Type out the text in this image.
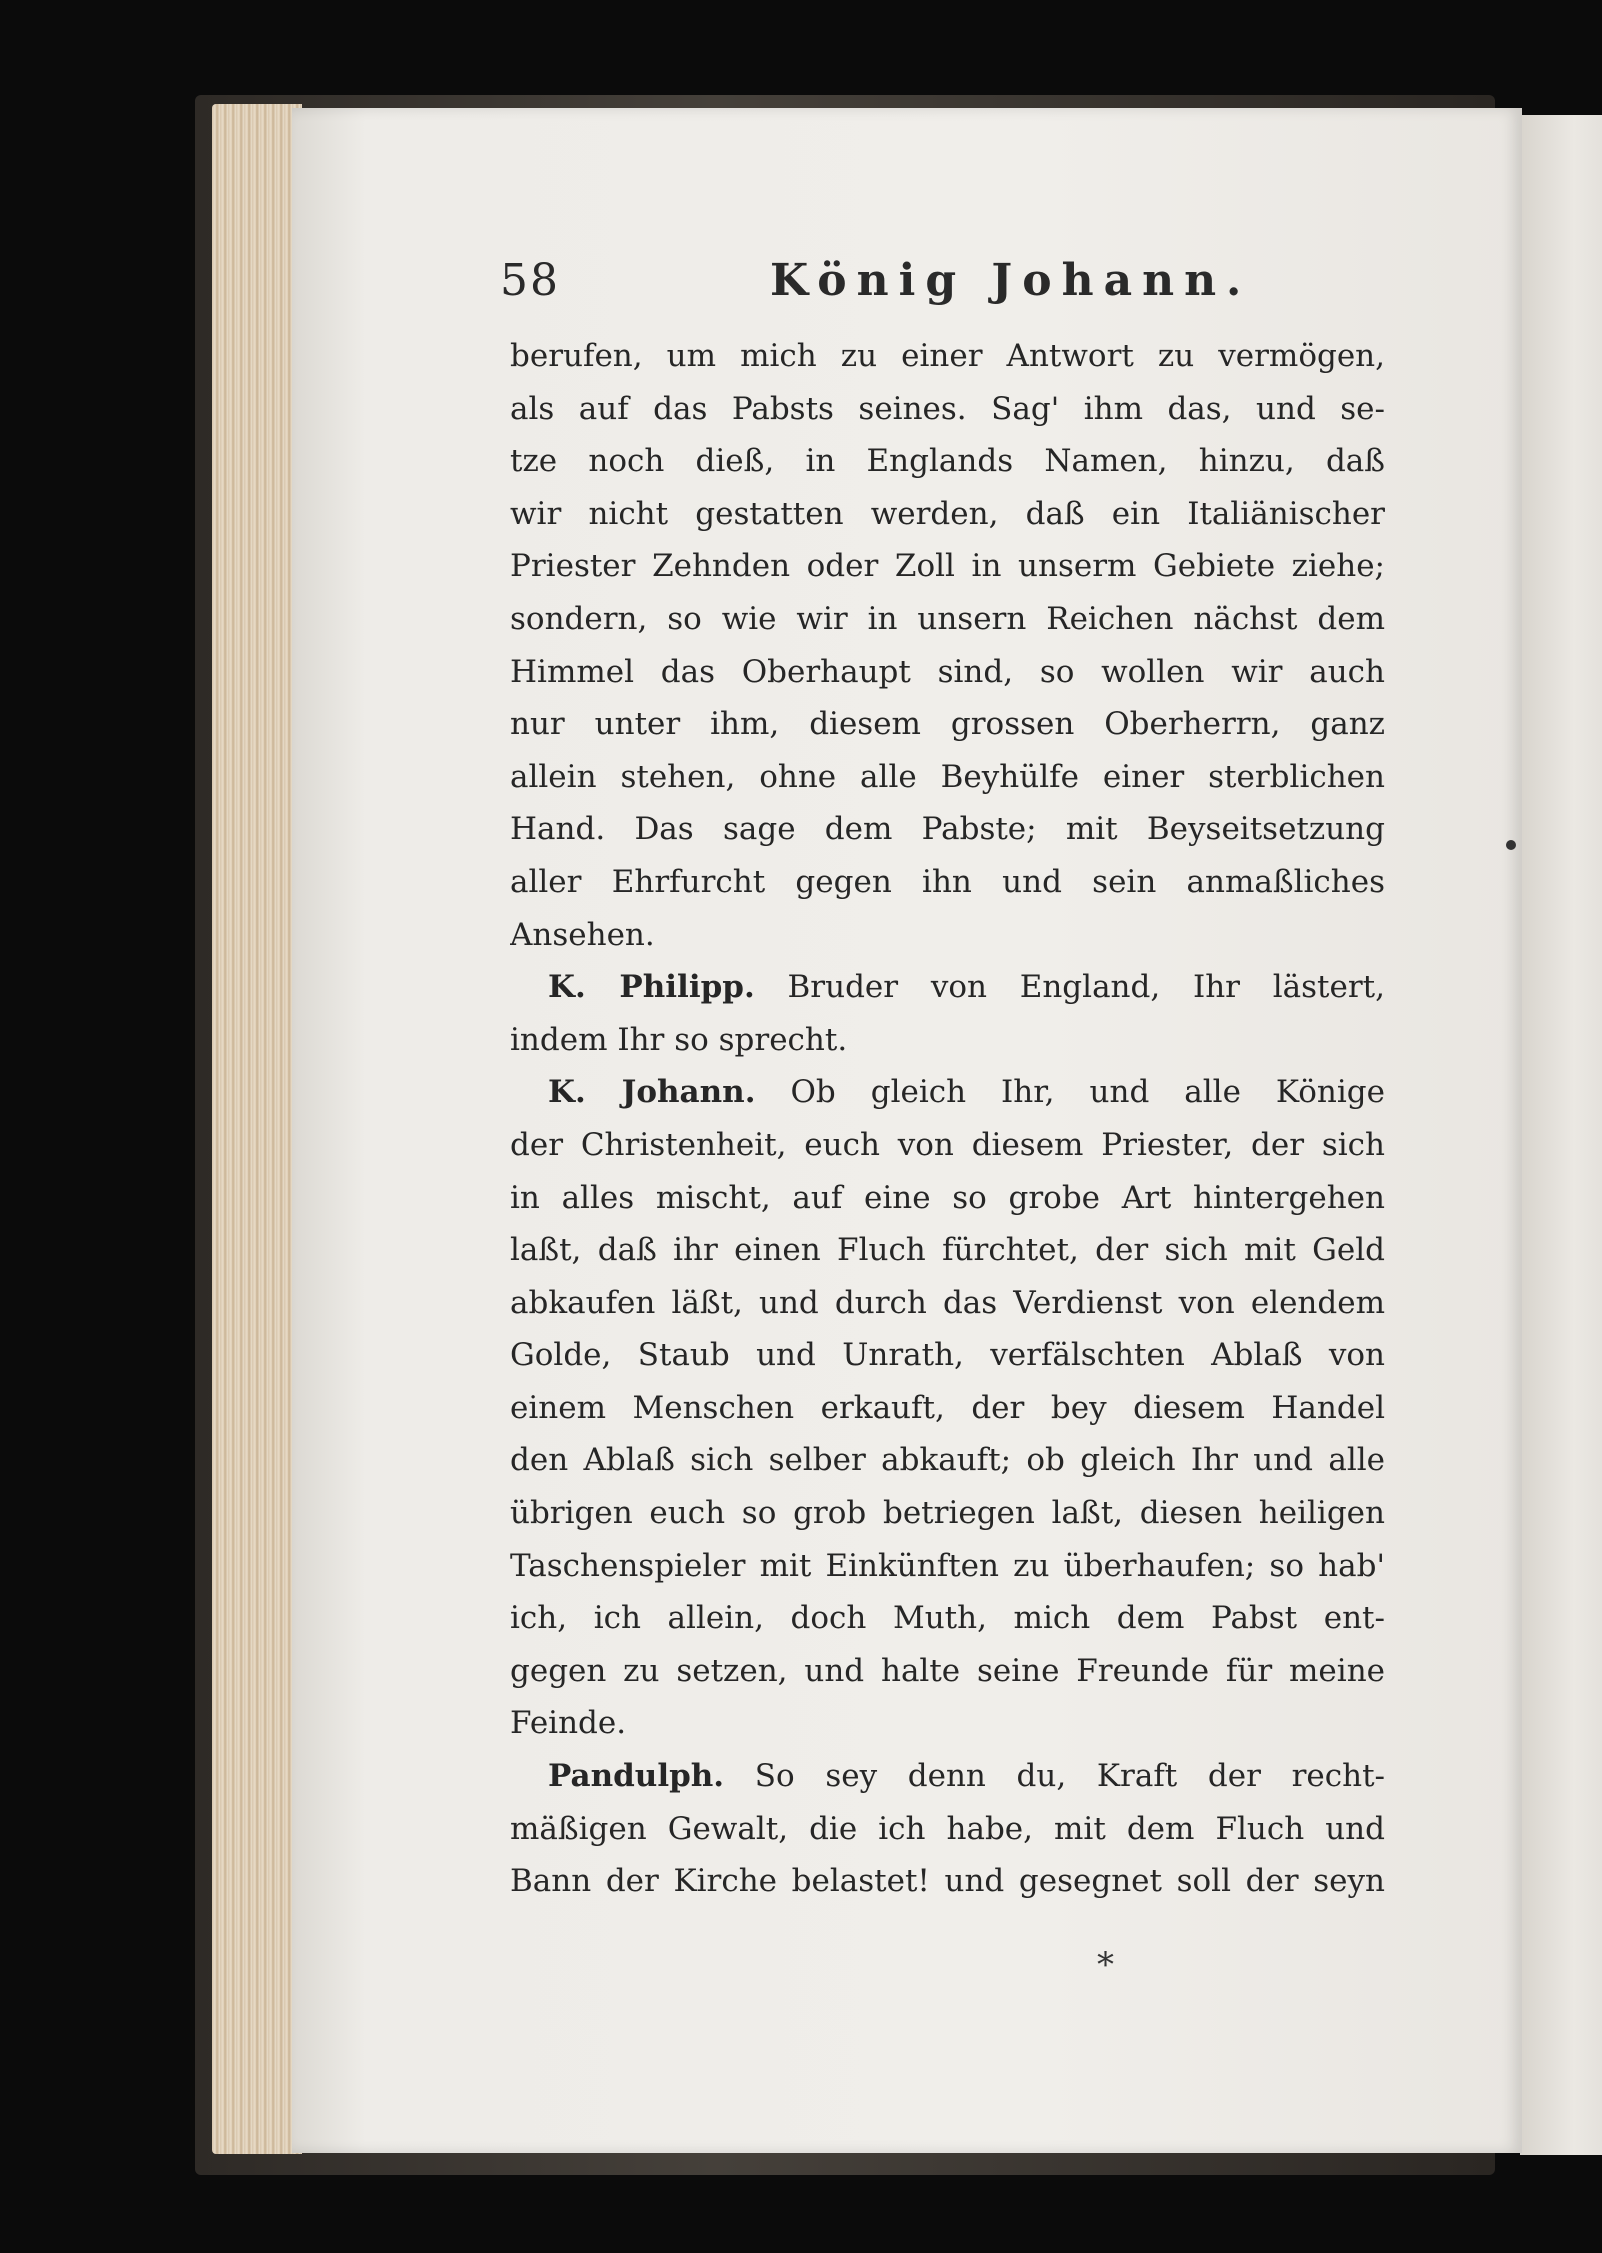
58	König Johann.
berufen, um mich zu einer Antwort zu vermögen,
als auf das Pabsts seines. Sag' ihm das, und se-
tze noch dieß, in Englands Namen, hinzu, daß
wir nicht gestatten werden, daß ein Italiänischer
Priester Zehnden oder Zoll in unserm Gebiete ziehe;
sondern, so wie wir in unsern Reichen nächst dem
Himmel das Oberhaupt sind, so wollen wir auch
nur unter ihm, diesem grossen Oberherrn, ganz
allein stehen, ohne alle Beyhülfe einer sterblichen
Hand. Das sage dem Pabste; mit Beyseitsetzung
aller Ehrfurcht gegen ihn und sein anmaßliches
Ansehen.
K. Philipp. Bruder von England, Ihr lästert,
indem Ihr so sprecht.
K. Johann. Ob gleich Ihr, und alle Könige
der Christenheit, euch von diesem Priester, der sich
in alles mischt, auf eine so grobe Art hintergehen
laßt, daß ihr einen Fluch fürchtet, der sich mit Geld
abkaufen läßt, und durch das Verdienst von elendem
Golde, Staub und Unrath, verfälschten Ablaß von
einem Menschen erkauft, der bey diesem Handel
den Ablaß sich selber abkauft; ob gleich Ihr und alle
übrigen euch so grob betriegen laßt, diesen heiligen
Taschenspieler mit Einkünften zu überhaufen; so hab'
ich, ich allein, doch Muth, mich dem Pabst ent-
gegen zu setzen, und halte seine Freunde für meine
Feinde.
Pandulph. So sey denn du, Kraft der recht-
mäßigen Gewalt, die ich habe, mit dem Fluch und
Bann der Kirche belastet! und gesegnet soll der seyn
*
